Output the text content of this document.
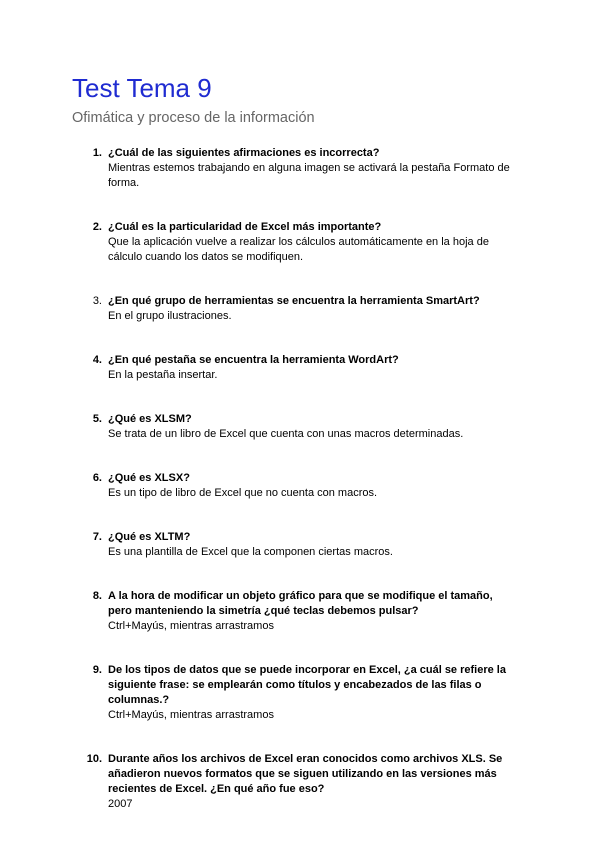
Test Tema 9

Ofimática y proceso de la información

1. ¿Cuál de las siguientes afirmaciones es incorrecta?
Mientras estemos trabajando en alguna imagen se activará la pestaña Formato de forma.
2. ¿Cuál es la particularidad de Excel más importante?
Que la aplicación vuelve a realizar los cálculos automáticamente en la hoja de cálculo cuando los datos se modifiquen.
3. ¿En qué grupo de herramientas se encuentra la herramienta SmartArt?
En el grupo ilustraciones.
4. ¿En qué pestaña se encuentra la herramienta WordArt?
En la pestaña insertar.
5. ¿Qué es XLSM?
Se trata de un libro de Excel que cuenta con unas macros determinadas.
6. ¿Qué es XLSX?
Es un tipo de libro de Excel que no cuenta con macros.
7. ¿Qué es XLTM?
Es una plantilla de Excel que la componen ciertas macros.
8. A la hora de modificar un objeto gráfico para que se modifique el tamaño, pero manteniendo la simetría ¿qué teclas debemos pulsar?
Ctrl+Mayús, mientras arrastramos
9. De los tipos de datos que se puede incorporar en Excel, ¿a cuál se refiere la siguiente frase: se emplearán como títulos y encabezados de las filas o columnas.?
Ctrl+Mayús, mientras arrastramos
10. Durante años los archivos de Excel eran conocidos como archivos XLS. Se añadieron nuevos formatos que se siguen utilizando en las versiones más recientes de Excel. ¿En qué año fue eso?
2007
